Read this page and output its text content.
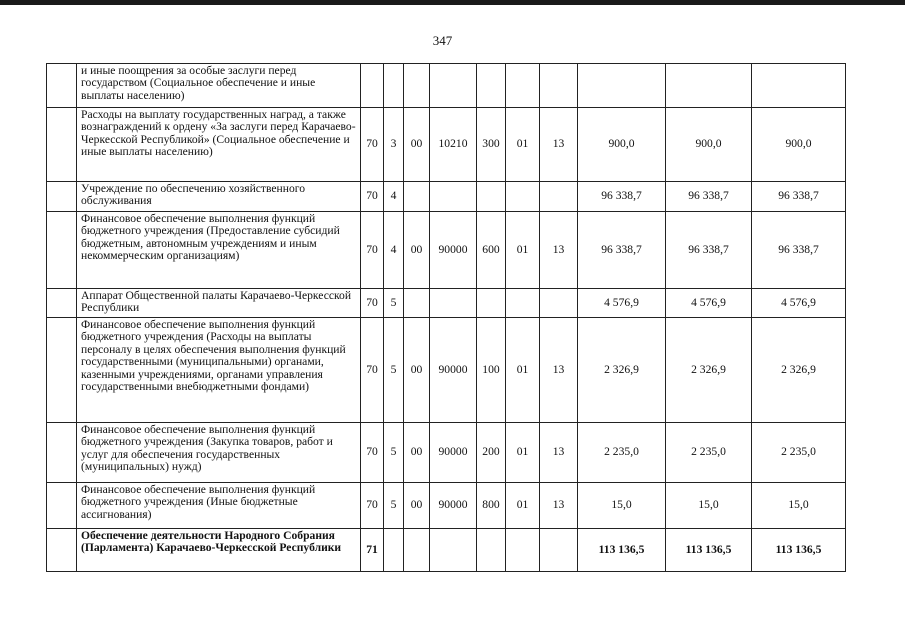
347
	и иные поощрения за особые заслуги перед государством (Социальное обеспечение и иные выплаты населению)										
	Расходы на выплату государственных наград, а также вознаграждений к ордену «За заслуги перед Карачаево-Черкесской Республикой» (Социальное обеспечение и иные выплаты населению)	70	3	00	10210	300	01	13	900,0	900,0	900,0
	Учреждение по обеспечению хозяйственного обслуживания	70	4						96 338,7	96 338,7	96 338,7
	Финансовое обеспечение выполнения функций бюджетного учреждения (Предоставление субсидий бюджетным, автономным учреждениям и иным некоммерческим организациям)	70	4	00	90000	600	01	13	96 338,7	96 338,7	96 338,7
	Аппарат Общественной палаты Карачаево-Черкесской Республики	70	5						4 576,9	4 576,9	4 576,9
	Финансовое обеспечение выполнения функций бюджетного учреждения (Расходы на выплаты персоналу в целях обеспечения выполнения функций государственными (муниципальными) органами, казенными учреждениями, органами управления государственными внебюджетными фондами)	70	5	00	90000	100	01	13	2 326,9	2 326,9	2 326,9
	Финансовое обеспечение выполнения функций бюджетного учреждения (Закупка товаров, работ и услуг для обеспечения государственных (муниципальных) нужд)	70	5	00	90000	200	01	13	2 235,0	2 235,0	2 235,0
	Финансовое обеспечение выполнения функций бюджетного учреждения (Иные бюджетные ассигнования)	70	5	00	90000	800	01	13	15,0	15,0	15,0
	Обеспечение деятельности Народного Собрания (Парламента) Карачаево-Черкесской Республики	71							113 136,5	113 136,5	113 136,5
